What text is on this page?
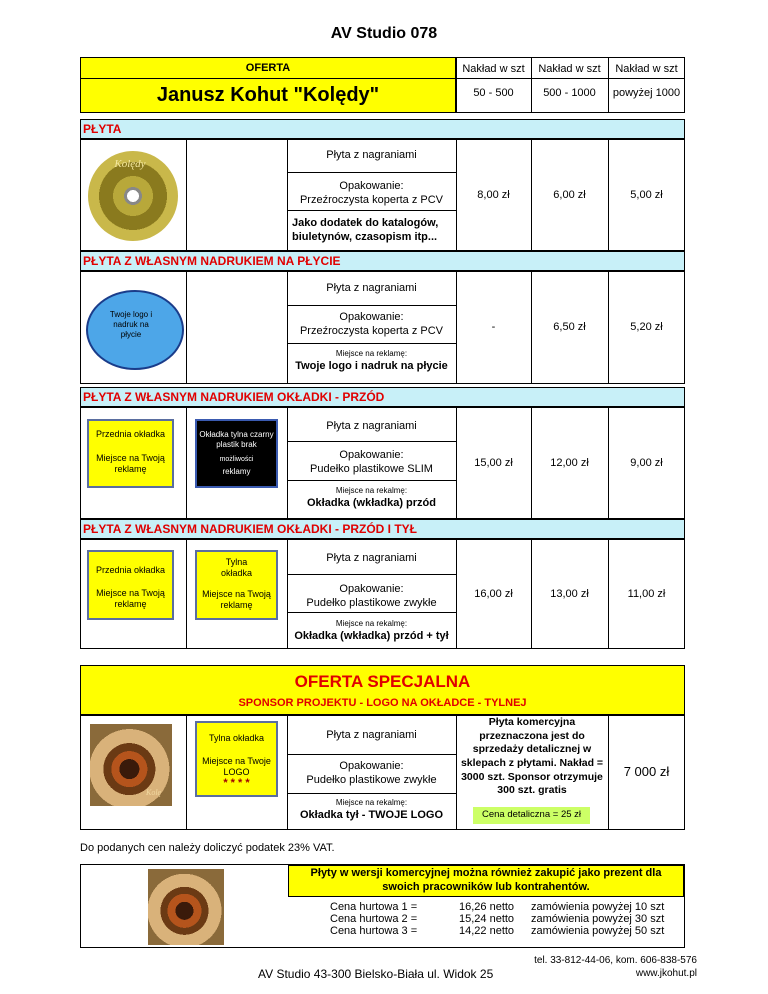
AV Studio 078
OFERTA
Janusz Kohut "Kolędy"
Nakład w szt	Nakład w szt	Nakład w szt
50 - 500	500 - 1000	powyżej 1000
PŁYTA
Kolędy
Płyta z nagraniami
Opakowanie:
Przeźroczysta koperta z PCV
Jako dodatek do katalogów, biuletynów, czasopism itp...
8,00 zł	6,00 zł	5,00 zł
PŁYTA Z WŁASNYM NADRUKIEM NA PŁYCIE
Twoje logo i nadruk na płycie
Płyta z nagraniami
Opakowanie:
Przeźroczysta koperta z PCV
Miejsce na reklamę:
Twoje logo i nadruk na płycie
-	6,50 zł	5,20 zł
PŁYTA Z WŁASNYM NADRUKIEM OKŁADKI - PRZÓD
Przednia okładka
Miejsce na Twoją reklamę
Okładka tylna czarny plastik brak
możliwości
reklamy
Płyta z nagraniami
Opakowanie:
Pudełko plastikowe SLIM
Miejsce na rekalmę:
Okładka (wkładka) przód
15,00 zł	12,00 zł	9,00 zł
PŁYTA Z WŁASNYM NADRUKIEM OKŁADKI - PRZÓD I TYŁ
Przednia okładka
Miejsce na Twoją reklamę
Tylna okładka
Miejsce na Twoją reklamę
Płyta z nagraniami
Opakowanie:
Pudełko plastikowe zwykłe
Miejsce na rekalmę:
Okładka (wkładka) przód + tył
16,00 zł	13,00 zł	11,00 zł
OFERTA SPECJALNA
SPONSOR PROJEKTU - LOGO NA OKŁADCE - TYLNEJ
Kolę
Tylna okładka
Miejsce na Twoje LOGO
* * * *
Płyta z nagraniami
Opakowanie:
Pudełko plastikowe zwykłe
Miejsce na rekalmę:
Okładka tył - TWOJE LOGO
Płyta komercyjna przeznaczona jest do sprzedaży detalicznej w sklepach z płytami. Nakład = 3000 szt. Sponsor otrzymuje 300 szt. gratis
Cena detaliczna = 25 zł
7 000 zł
Do podanych cen należy doliczyć podatek 23% VAT.
Płyty w wersji komercyjnej można również zakupić jako prezent dla swoich pracowników lub kontrahentów.
Cena hurtowa 1 =	16,26 netto zamówienia powyżej 10 szt
Cena hurtowa 2 =	15,24 netto zamówienia powyżej 30 szt
Cena hurtowa 3 =	14,22 netto zamówienia powyżej 50 szt
AV Studio 43-300 Bielsko-Biała ul. Widok 25
tel. 33-812-44-06, kom. 606-838-576
www.jkohut.pl
